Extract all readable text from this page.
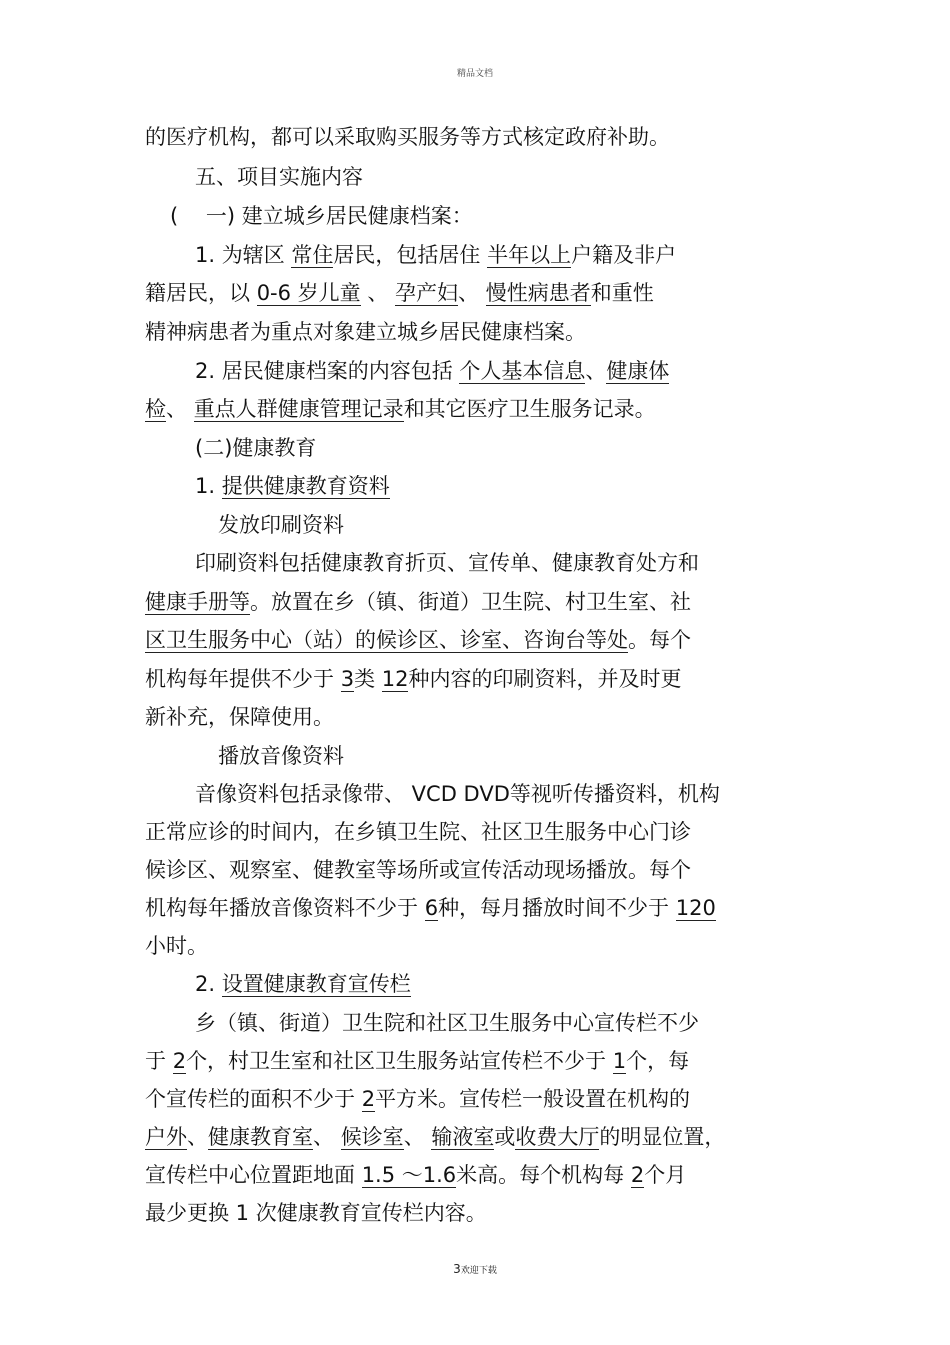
精品文档
的医疗机构，都可以采取购买服务等方式核定政府补助。
五、项目实施内容
(　 一) 建立城乡居民健康档案：
1. 为辖区 常住居民，包括居住 半年以上户籍及非户
籍居民，以 0-6 岁儿童 、 孕产妇、 慢性病患者和重性
精神病患者为重点对象建立城乡居民健康档案。
2. 居民健康档案的内容包括 个人基本信息、健康体
检、 重点人群健康管理记录和其它医疗卫生服务记录。
(二)健康教育
1. 提供健康教育资料
发放印刷资料
印刷资料包括健康教育折页、宣传单、健康教育处方和
健康手册等。放置在乡（镇、街道）卫生院、村卫生室、社
区卫生服务中心（站）的候诊区、诊室、咨询台等处。每个
机构每年提供不少于 3类 12种内容的印刷资料，并及时更
新补充，保障使用。
播放音像资料
音像资料包括录像带、 VCD DVD等视听传播资料，机构
正常应诊的时间内，在乡镇卫生院、社区卫生服务中心门诊
候诊区、观察室、健教室等场所或宣传活动现场播放。每个
机构每年播放音像资料不少于 6种，每月播放时间不少于 120
小时。
2. 设置健康教育宣传栏
乡（镇、街道）卫生院和社区卫生服务中心宣传栏不少
于 2个，村卫生室和社区卫生服务站宣传栏不少于 1个，每
个宣传栏的面积不少于 2平方米。宣传栏一般设置在机构的
户外、健康教育室、 候诊室、 输液室或收费大厅的明显位置，
宣传栏中心位置距地面 1.5 ～1.6米高。每个机构每 2个月
最少更换 1 次健康教育宣传栏内容。
3欢迎下载
